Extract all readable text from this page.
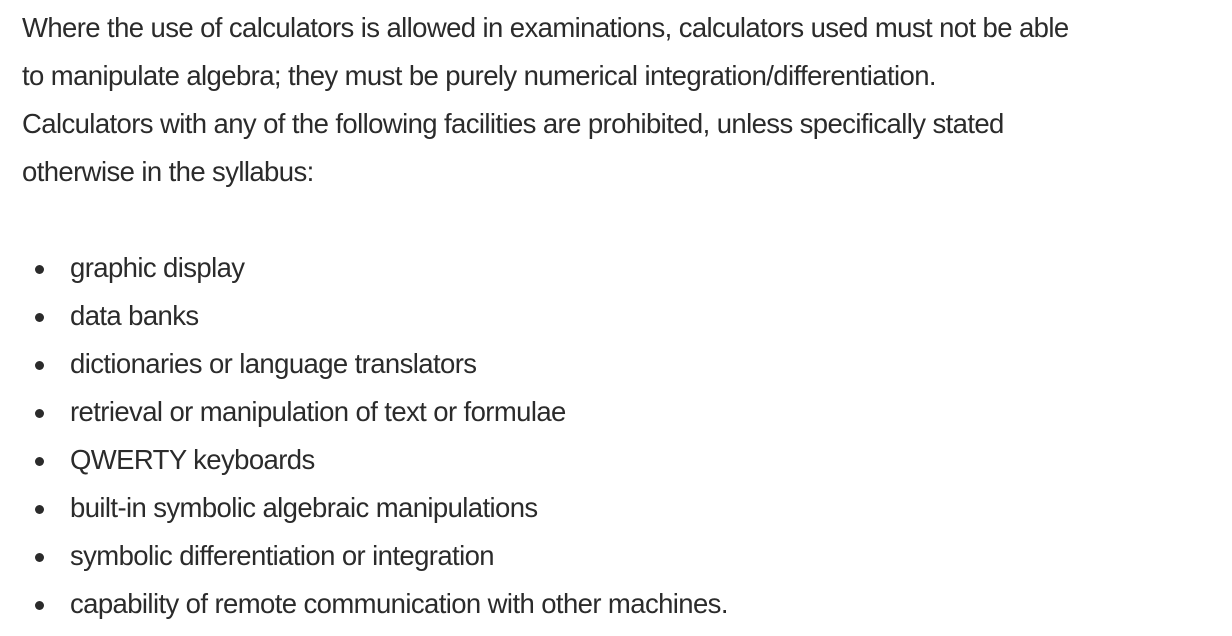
Where the use of calculators is allowed in examinations, calculators used must not be able

to manipulate algebra; they must be purely numerical integration/differentiation.

Calculators with any of the following facilities are prohibited, unless specifically stated

otherwise in the syllabus:

graphic display
data banks
dictionaries or language translators
retrieval or manipulation of text or formulae
QWERTY keyboards
built-in symbolic algebraic manipulations
symbolic differentiation or integration
capability of remote communication with other machines.
